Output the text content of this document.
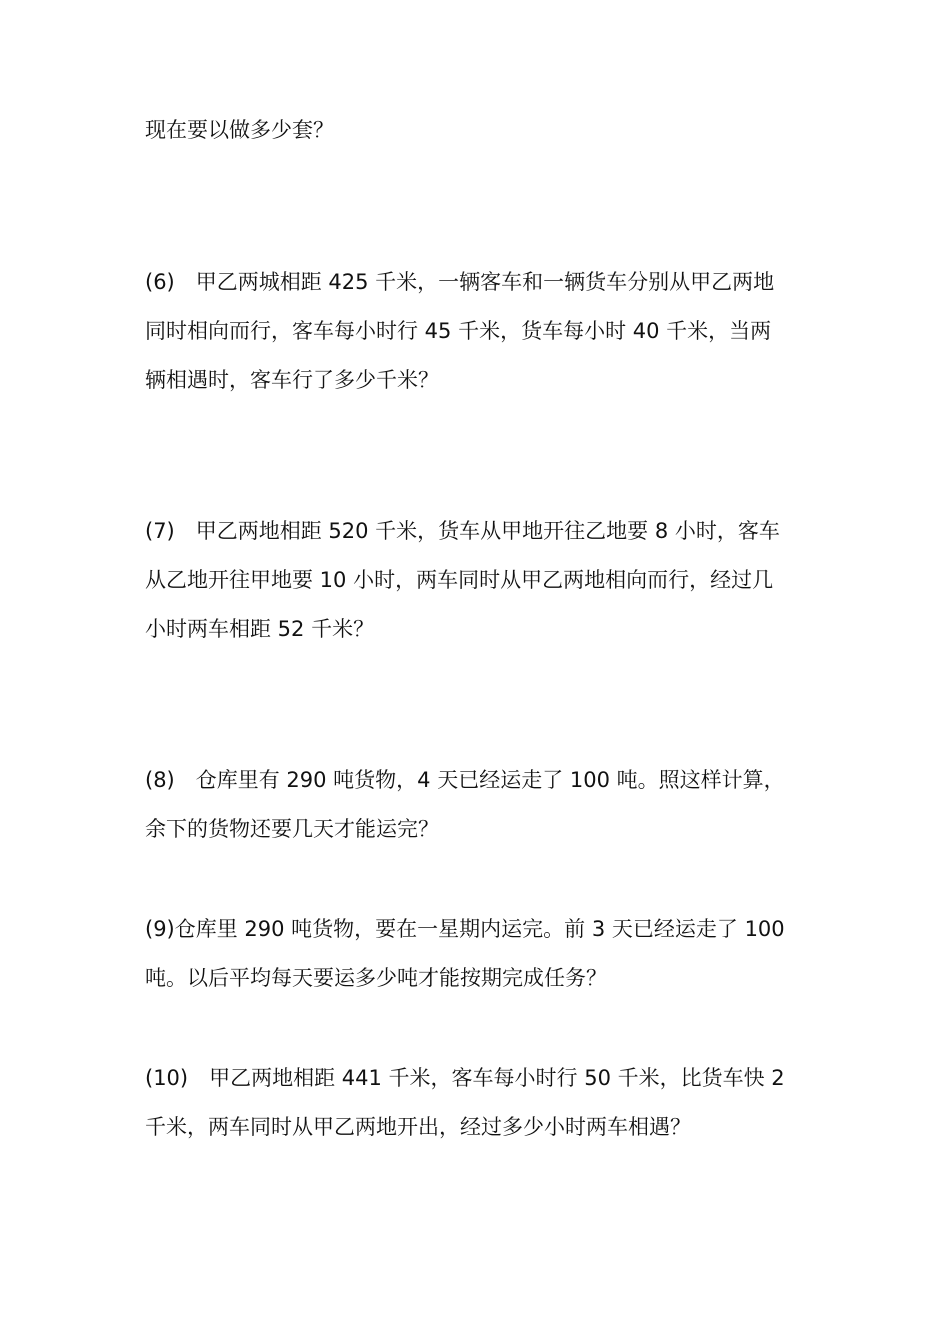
现在要以做多少套？
(6)　甲乙两城相距 425 千米，一辆客车和一辆货车分别从甲乙两地
同时相向而行，客车每小时行 45 千米，货车每小时 40 千米，当两
辆相遇时，客车行了多少千米？
(7)　甲乙两地相距 520 千米，货车从甲地开往乙地要 8 小时，客车
从乙地开往甲地要 10 小时，两车同时从甲乙两地相向而行，经过几
小时两车相距 52 千米？
(8)　仓库里有 290 吨货物，4 天已经运走了 100 吨。照这样计算，
余下的货物还要几天才能运完？
(9)仓库里 290 吨货物，要在一星期内运完。前 3 天已经运走了 100
吨。以后平均每天要运多少吨才能按期完成任务？
(10)　甲乙两地相距 441 千米，客车每小时行 50 千米，比货车快 2
千米，两车同时从甲乙两地开出，经过多少小时两车相遇？
